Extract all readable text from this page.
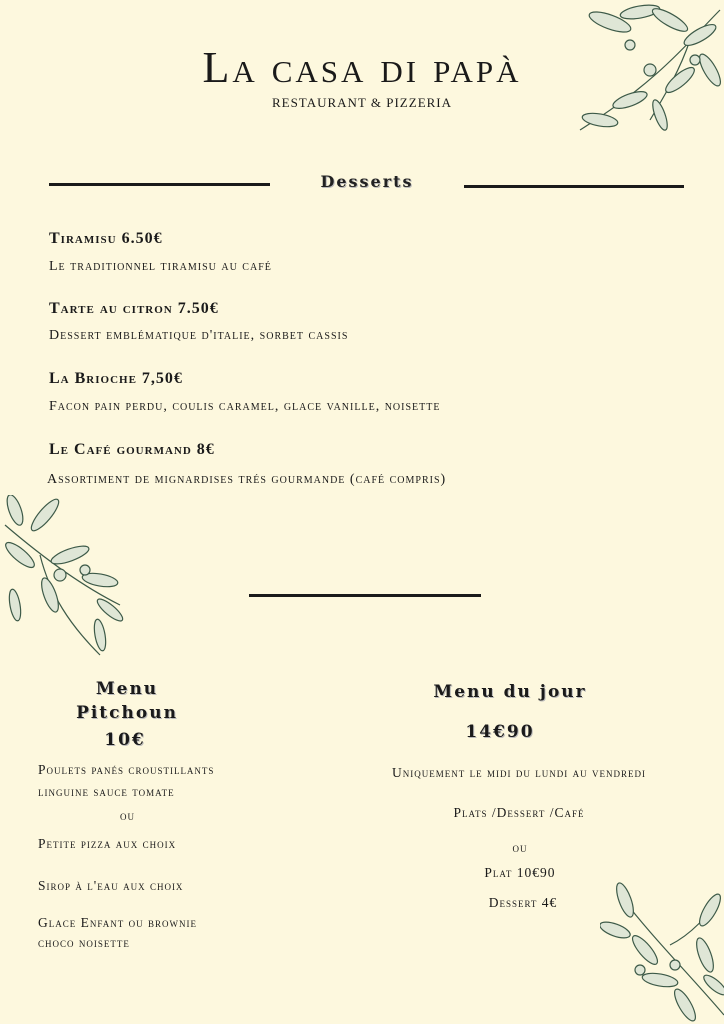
La casa di papà
RESTAURANT & PIZZERIA
Desserts
Tiramisu 6.50€
Le traditionnel tiramisu au café
Tarte au citron 7.50€
Dessert emblématique d'italie, sorbet cassis
La Brioche 7,50€
Facon pain perdu, coulis caramel, glace vanille, noisette
Le Café gourmand 8€
Assortiment de mignardises trés gourmande (café compris)
Menu
Pitchoun
10€
Poulets panés croustillants
linguine sauce tomate
ou
Petite pizza aux choix
Sirop à l'eau aux choix
Glace Enfant ou brownie
choco noisette
Menu du jour
14€90
Uniquement le midi du lundi au vendredi
Plats /Dessert /Café
ou
Plat 10€90
Dessert 4€
